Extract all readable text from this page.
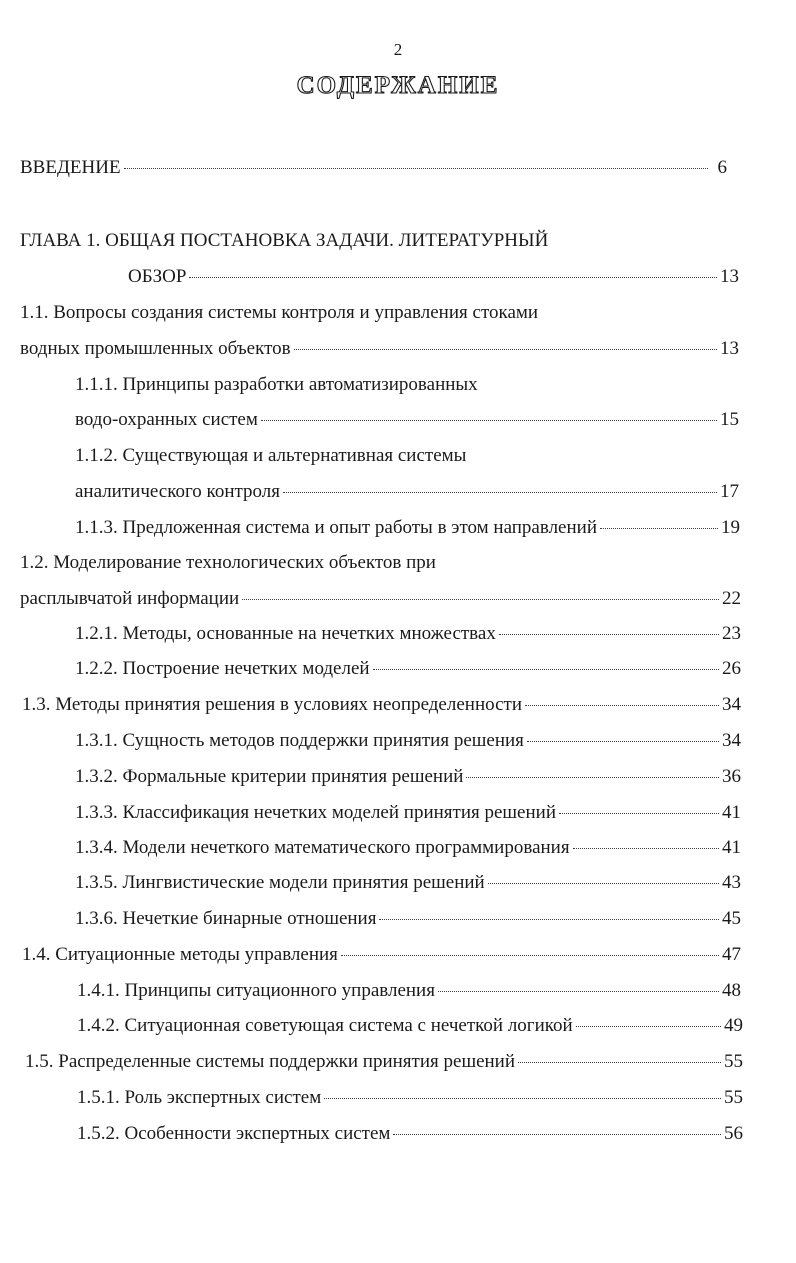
2
СОДЕРЖАНИЕ
ВВЕДЕНИЕ	6
ГЛАВА 1. ОБЩАЯ ПОСТАНОВКА ЗАДАЧИ. ЛИТЕРАТУРНЫЙ
ОБЗОР	13
1.1. Вопросы создания системы контроля и управления стоками
водных промышленных объектов	13
1.1.1. Принципы разработки автоматизированных
водо-охранных систем	15
1.1.2. Существующая и альтернативная системы
аналитического контроля	17
1.1.3. Предложенная система и опыт работы в этом направлений	19
1.2. Моделирование технологических объектов при
расплывчатой информации	22
1.2.1. Методы, основанные на нечетких множествах	23
1.2.2. Построение нечетких моделей	26
1.3. Методы принятия решения в условиях неопределенности	34
1.3.1. Сущность методов поддержки принятия решения	34
1.3.2. Формальные критерии принятия решений	36
1.3.3. Классификация нечетких моделей принятия решений	41
1.3.4. Модели нечеткого математического программирования	41
1.3.5. Лингвистические модели принятия решений	43
1.3.6. Нечеткие бинарные отношения	45
1.4. Ситуационные методы управления	47
1.4.1. Принципы ситуационного управления	48
1.4.2. Ситуационная советующая система с нечеткой логикой	49
1.5. Распределенные системы поддержки принятия решений	55
1.5.1. Роль экспертных систем	55
1.5.2. Особенности экспертных систем	56
